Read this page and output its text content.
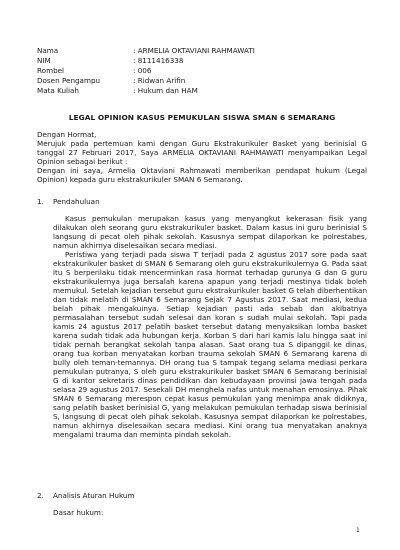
Nama	: ARMELIA OKTAVIANI RAHMAWATI
NIM	: 8111416338
Rombel	: 006
Dosen Pengampu	: Ridwan Arifin
Mata Kuliah	: Hukum dan HAM
LEGAL OPINION KASUS PEMUKULAN SISWA SMAN 6 SEMARANG

Dengan Hormat,

Merujuk pada pertemuan kami dengan Guru Ekstrakurikuler Basket yang berinisial G tanggal 27 Februari 2017, Saya ARMELIA OKTAVIANI RAHMAWATI menyampaikan Legal Opinion sebagai berikut :

Dengan ini saya, Armelia Oktaviani Rahmawati memberikan pendapat hukum (Legal Opinion) kepada guru ekstrakurikuler SMAN 6 Semarang.

1.	Pendahuluan

Kasus pemukulan merupakan kasus yang menyangkut kekerasan fisik yang dilakukan oleh seorang guru ekstrakurikuler basket. Dalam kasus ini guru berinisial S langsung di pecat oleh pihak sekolah. Kasusnya sempat dilaporkan ke polrestabes, namun akhirnya diselesaikan secara mediasi.

Peristiwa yang terjadi pada siswa T terjadi pada 2 agustus 2017 sore pada saat ekstrakurikuler basket di SMAN 6 Semarang oleh guru ekstrakurikulernya G. Pada saat itu S berperilaku tidak mencerminkan rasa hormat terhadap gurunya G dan G guru ekstrakurikulernya juga bersalah karena apapun yang terjadi mestinya tidak boleh memukul. Setelah kejadian tersebut guru ekstrakurikuler basket G telah diberhentikan dan tidak melatih di SMAN 6 Semarang Sejak 7 Agustus 2017. Saat mediasi, kedua belah pihak mengakuinya. Setiap kejadian pasti ada sebab dan akibatnya permasalahan tersebut sudah selesai dan koran s sudah mulai sekolah. Tapi pada kamis 24 agustus 2017 pelatih basket tersebut datang menyaksikan lomba basket karena sudah tidak ada hubungan kerja. Korban S dari hari kamis lalu hingga saat ini tidak pernah berangkat sekolah tanpa alasan. Saat orang tua S dipanggil ke dinas, orang tua korban menyatakan korban trauma sekolah SMAN 6 Semarang karena di bully oleh teman-temannya. DH orang tua S tampak tegang selama mediasi perkara pemukulan putranya, S oleh guru ekstrakurikuler basket SMAN 6 Semarang berinisial G di kantor sekretaris dinas pendidikan dan kebudayaan provinsi jawa tengah pada selasa 29 agustus 2017. Sesekali DH menghela nafas untuk menahan emosinya. Pihak SMAN 6 Semarang merespon cepat kasus pemukulan yang menimpa anak didiknya, sang pelatih basket berinisial G, yang melakukan pemukulan terhadap siswa berinisial S, langsung di pecat oleh pihak sekolah. Kasusnya sempat dilaporkan ke polrestabes, namun akhirnya diselesaikan secara mediasi. Kini orang tua menyatakan anaknya mengalami trauma dan meminta pindah sekolah.

2.	Analisis Aturan Hukum
Dasar hukum:
1
